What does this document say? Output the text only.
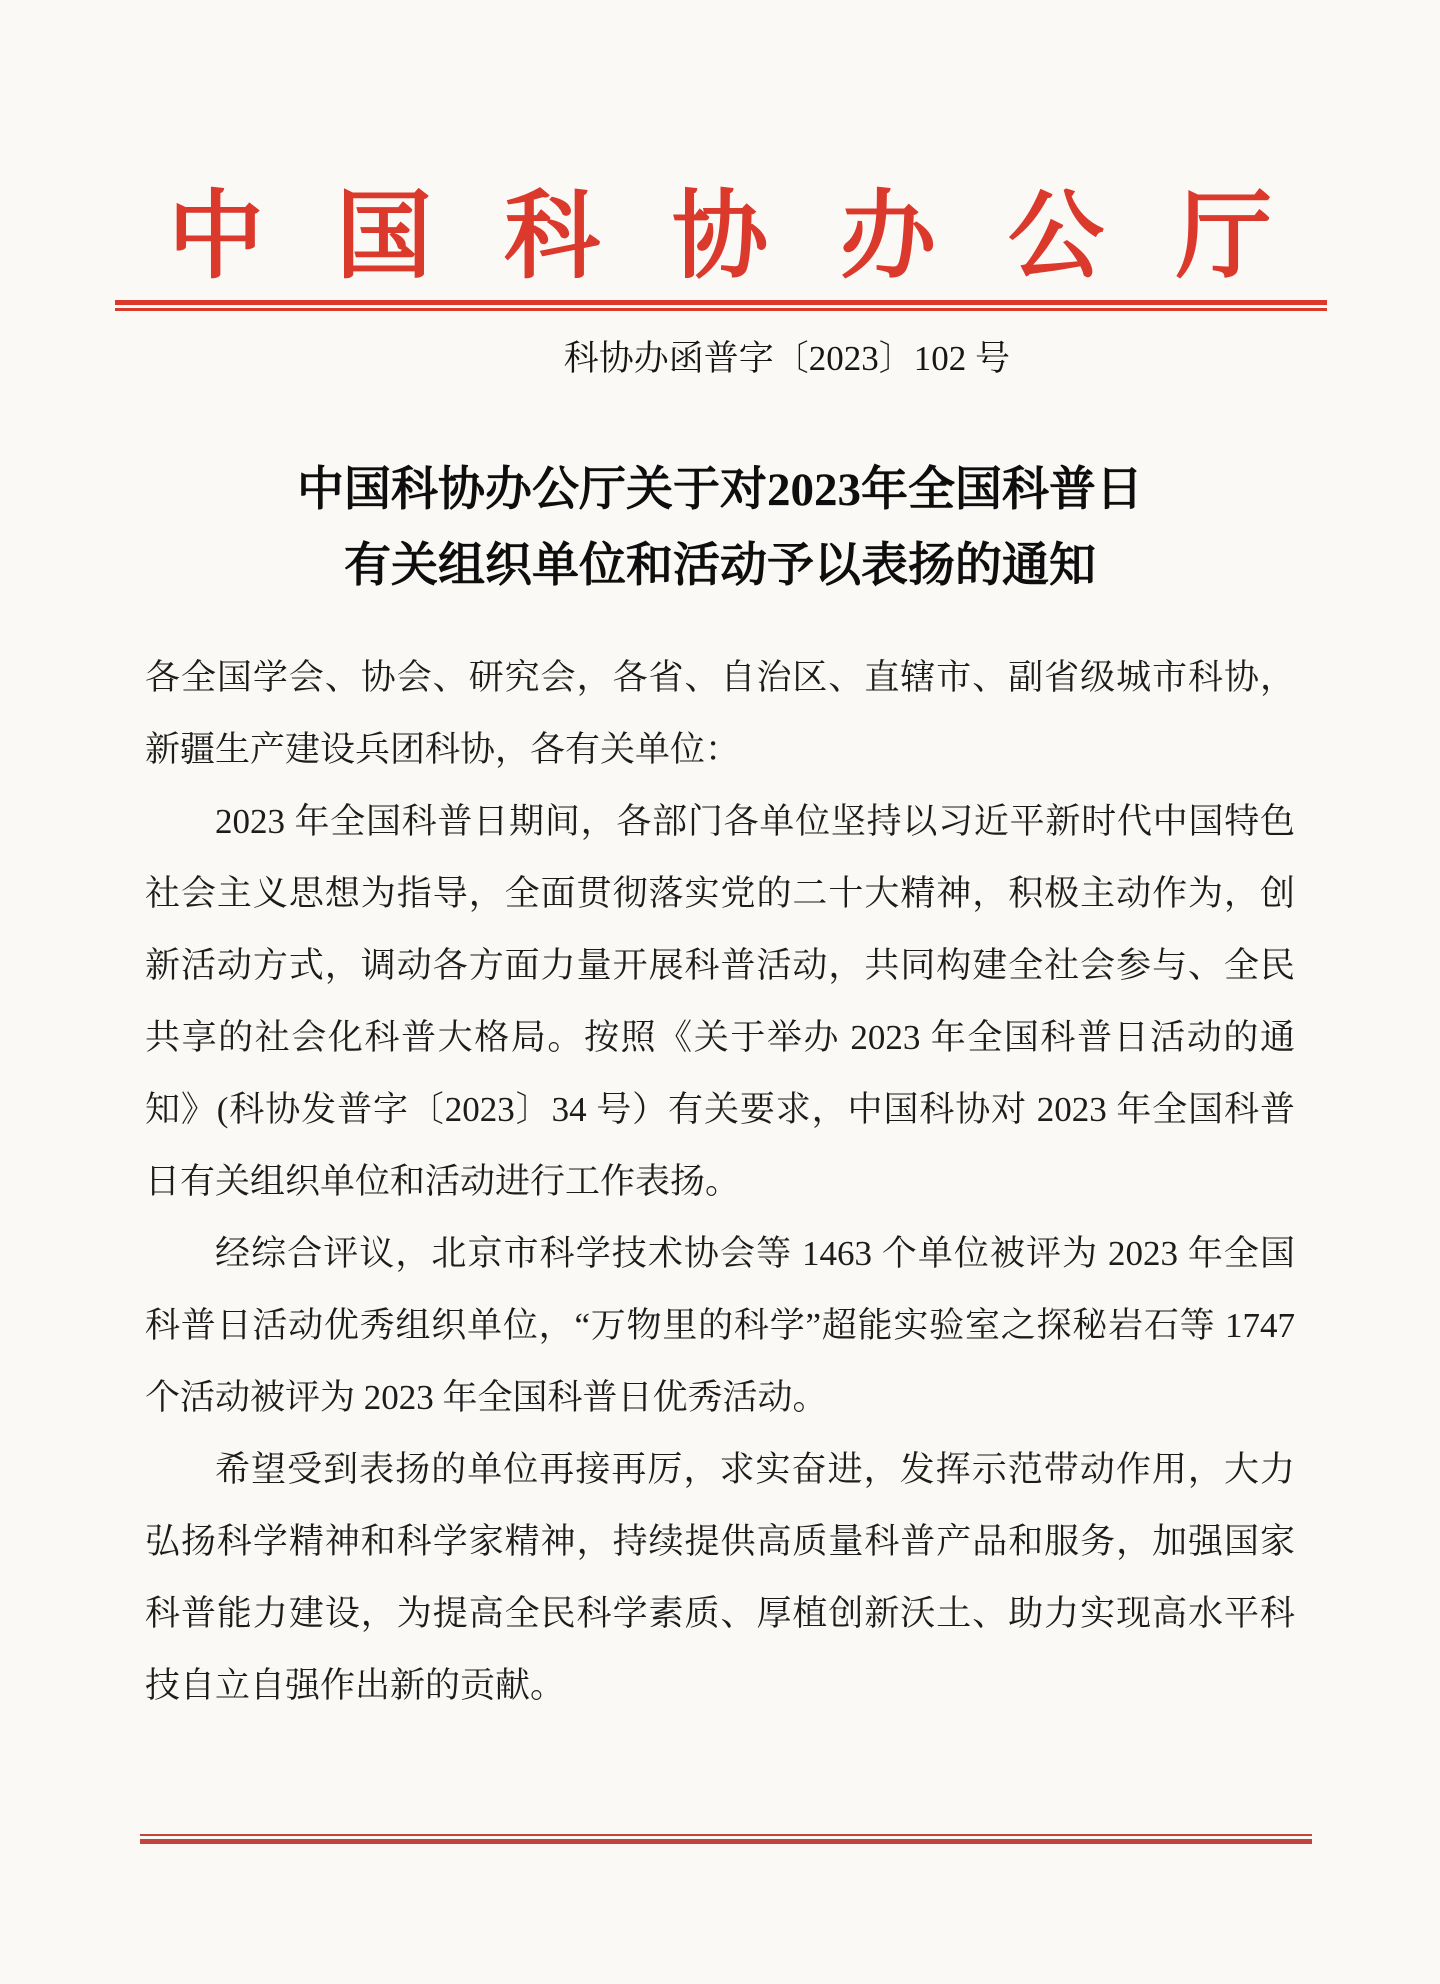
中 国 科 协 办 公 厅
科协办函普字〔2023〕102 号
中国科协办公厅关于对2023年全国科普日
有关组织单位和活动予以表扬的通知

各全国学会、协会、研究会，各省、自治区、直辖市、副省级城市科协，新疆生产建设兵团科协，各有关单位：

2023 年全国科普日期间，各部门各单位坚持以习近平新时代中国特色社会主义思想为指导，全面贯彻落实党的二十大精神，积极主动作为，创新活动方式，调动各方面力量开展科普活动，共同构建全社会参与、全民共享的社会化科普大格局。按照《关于举办 2023 年全国科普日活动的通知》(科协发普字〔2023〕34 号）有关要求，中国科协对 2023 年全国科普日有关组织单位和活动进行工作表扬。

经综合评议，北京市科学技术协会等 1463 个单位被评为 2023 年全国科普日活动优秀组织单位，“万物里的科学”超能实验室之探秘岩石等 1747 个活动被评为 2023 年全国科普日优秀活动。

希望受到表扬的单位再接再厉，求实奋进，发挥示范带动作用，大力弘扬科学精神和科学家精神，持续提供高质量科普产品和服务，加强国家科普能力建设，为提高全民科学素质、厚植创新沃土、助力实现高水平科技自立自强作出新的贡献。
